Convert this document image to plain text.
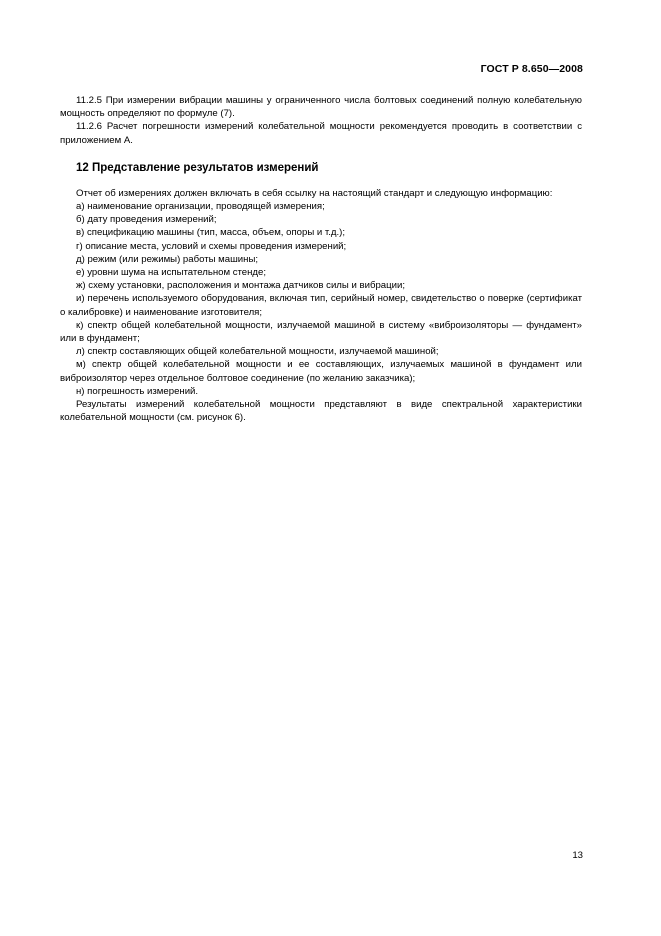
ГОСТ Р 8.650—2008

11.2.5 При измерении вибрации машины у ограниченного числа болтовых соединений полную колебательную мощность определяют по формуле (7).

11.2.6 Расчет погрешности измерений колебательной мощности рекомендуется проводить в соответствии с приложением А.

12 Представление результатов измерений

Отчет об измерениях должен включать в себя ссылку на настоящий стандарт и следующую информацию:

а) наименование организации, проводящей измерения;

б) дату проведения измерений;

в) спецификацию машины (тип, масса, объем, опоры и т.д.);

г) описание места, условий и схемы проведения измерений;

д) режим (или режимы) работы машины;

е) уровни шума на испытательном стенде;

ж) схему установки, расположения и монтажа датчиков силы и вибрации;

и) перечень используемого оборудования, включая тип, серийный номер, свидетельство о поверке (сертификат о калибровке) и наименование изготовителя;

к) спектр общей колебательной мощности, излучаемой машиной в систему «виброизоляторы — фундамент» или в фундамент;

л) спектр составляющих общей колебательной мощности, излучаемой машиной;

м) спектр общей колебательной мощности и ее составляющих, излучаемых машиной в фундамент или виброизолятор через отдельное болтовое соединение (по желанию заказчика);

н) погрешность измерений.

Результаты измерений колебательной мощности представляют в виде спектральной характеристики колебательной мощности (см. рисунок 6).

13
